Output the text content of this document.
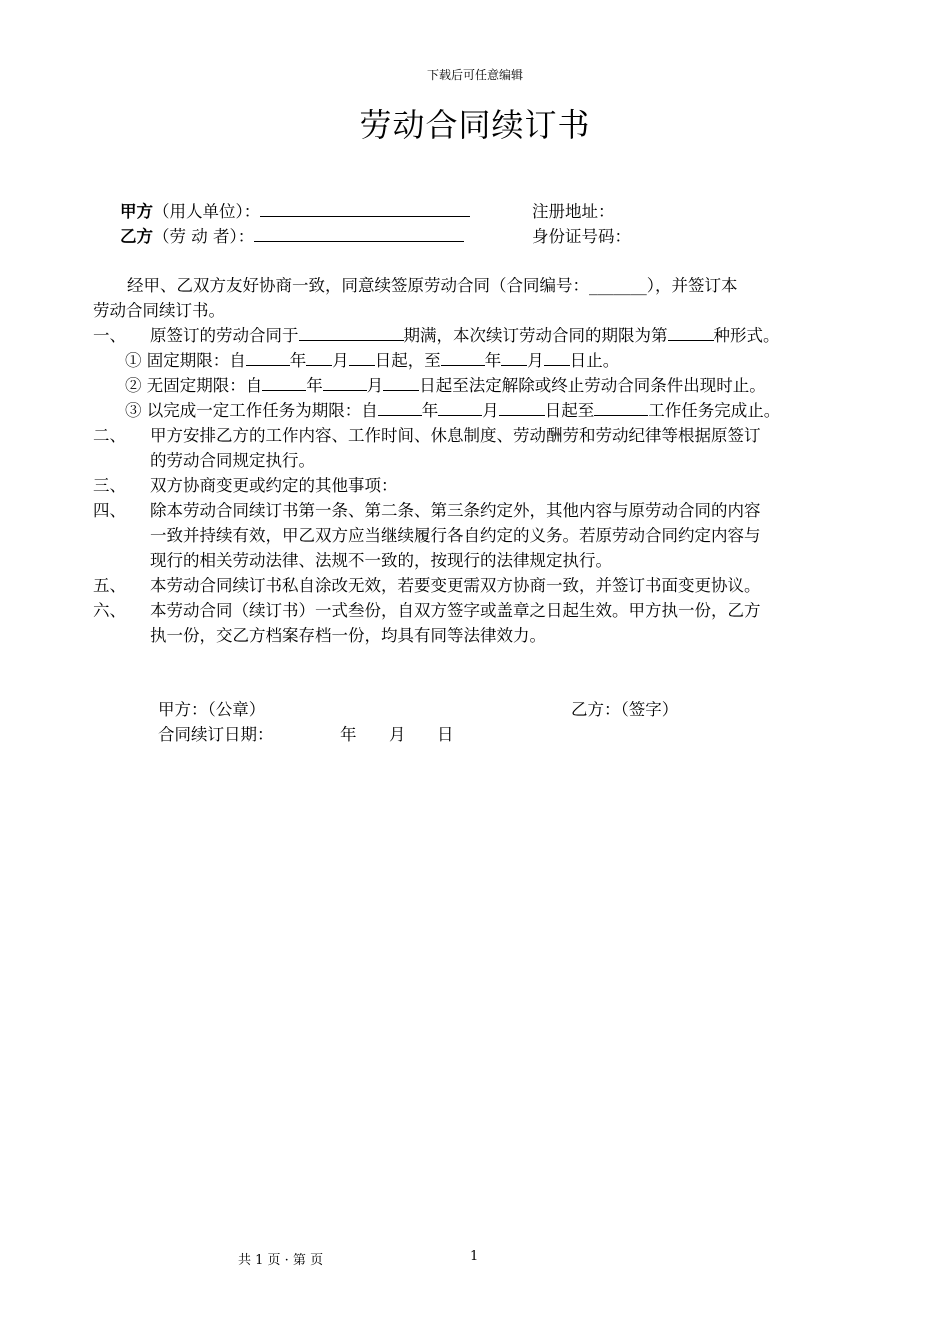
下载后可任意编辑
劳动合同续订书
甲方（用人单位）：	注册地址：
乙方（劳 动 者）：	身份证号码：
经甲、乙双方友好协商一致，同意续签原劳动合同（合同编号：_______），并签订本
劳动合同续订书。
一、 原签订的劳动合同于	期满，本次续订劳动合同的期限为第	种形式。
① 固定期限：自	年 月 日起，至	年 月 日止。
② 无固定期限：自	年	月 日起至法定解除或终止劳动合同条件出现时止。
③ 以完成一定工作任务为期限：自	年	月	日起至	工作任务完成止。
二、 甲方安排乙方的工作内容、工作时间、休息制度、劳动酬劳和劳动纪律等根据原签订
的劳动合同规定执行。
三、 双方协商变更或约定的其他事项：
四、 除本劳动合同续订书第一条、第二条、第三条约定外，其他内容与原劳动合同的内容
一致并持续有效，甲乙双方应当继续履行各自约定的义务。若原劳动合同约定内容与
现行的相关劳动法律、法规不一致的，按现行的法律规定执行。
五、 本劳动合同续订书私自涂改无效，若要变更需双方协商一致，并签订书面变更协议。
六、 本劳动合同（续订书）一式叁份，自双方签字或盖章之日起生效。甲方执一份，乙方
执一份，交乙方档案存档一份，均具有同等法律效力。
甲方：（公章）	乙方：（签字）
合同续订日期：	年 月 日
共 1 页 · 第 页	1
